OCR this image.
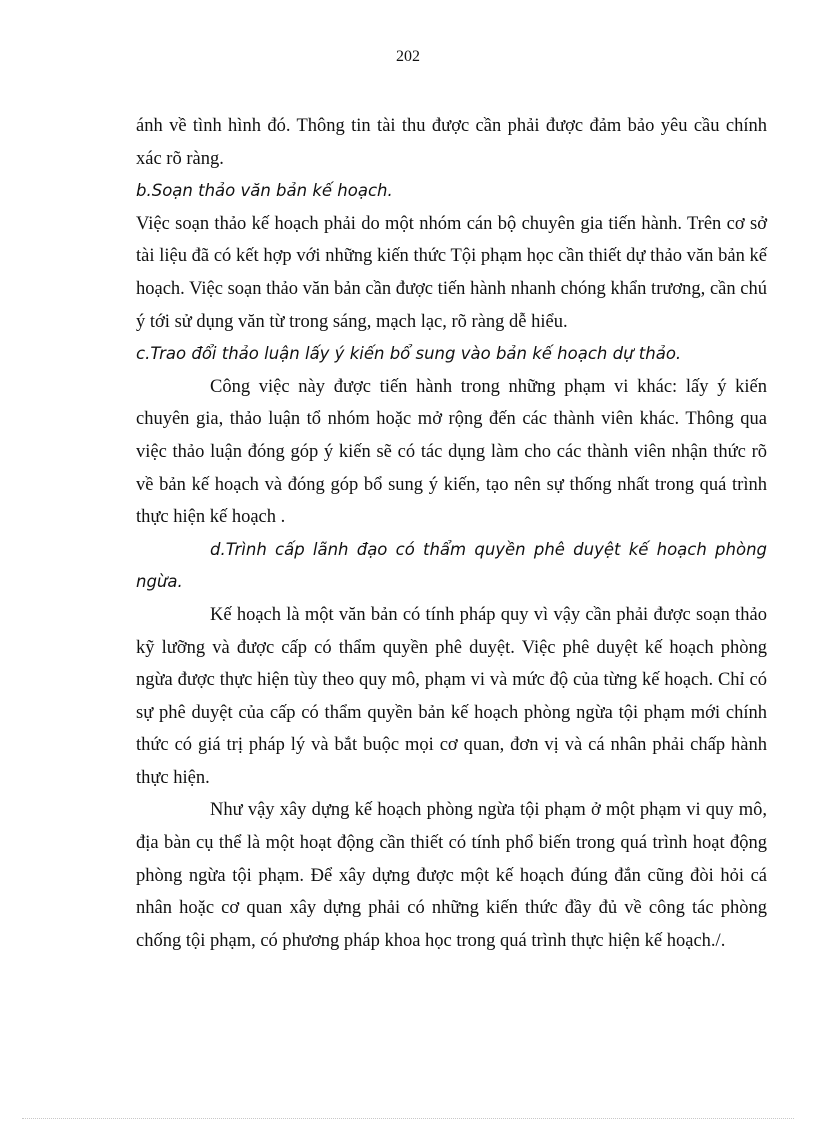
202

ánh về tình hình đó. Thông tin tài thu được cần phải được đảm bảo yêu cầu chính xác rõ ràng.

b.Soạn thảo văn bản kế hoạch.

Việc soạn thảo kế hoạch phải do một nhóm cán bộ chuyên gia tiến hành. Trên cơ sở tài liệu đã có kết hợp với những kiến thức Tội phạm học cần thiết dự thảo văn bản kế hoạch. Việc soạn thảo văn bản cần được tiến hành nhanh chóng khẩn trương, cần chú ý tới sử dụng văn từ trong sáng, mạch lạc, rõ ràng dễ hiểu.

c.Trao đổi thảo luận lấy ý kiến bổ sung vào bản kế hoạch dự thảo.

Công việc này được tiến hành trong những phạm vi khác: lấy ý kiến chuyên gia, thảo luận tổ nhóm hoặc mở rộng đến các thành viên khác. Thông qua việc thảo luận đóng góp ý kiến sẽ có tác dụng làm cho các thành viên nhận thức rõ về bản kế hoạch và đóng góp bổ sung ý kiến, tạo nên sự thống nhất trong quá trình thực hiện kế hoạch .

d.Trình cấp lãnh đạo có thẩm quyền phê duyệt kế hoạch phòng ngừa.

Kế hoạch là một văn bản có tính pháp quy vì vậy cần phải được soạn thảo kỹ lưỡng và được cấp có thẩm quyền phê duyệt. Việc phê duyệt kế hoạch phòng ngừa được thực hiện tùy theo quy mô, phạm vi và mức độ của từng kế hoạch. Chỉ có sự phê duyệt của cấp có thẩm quyền bản kế hoạch phòng ngừa tội phạm mới chính thức có giá trị pháp lý và bắt buộc mọi cơ quan, đơn vị và cá nhân phải chấp hành thực hiện.

Như vậy xây dựng kế hoạch phòng ngừa tội phạm ở một phạm vi quy mô, địa bàn cụ thể là một hoạt động cần thiết có tính phổ biến trong quá trình hoạt động phòng ngừa tội phạm. Để xây dựng được một kế hoạch đúng đắn cũng đòi hỏi cá nhân hoặc cơ quan xây dựng phải có những kiến thức đầy đủ về công tác phòng chống tội phạm, có phương pháp khoa học trong quá trình thực hiện kế hoạch./.
